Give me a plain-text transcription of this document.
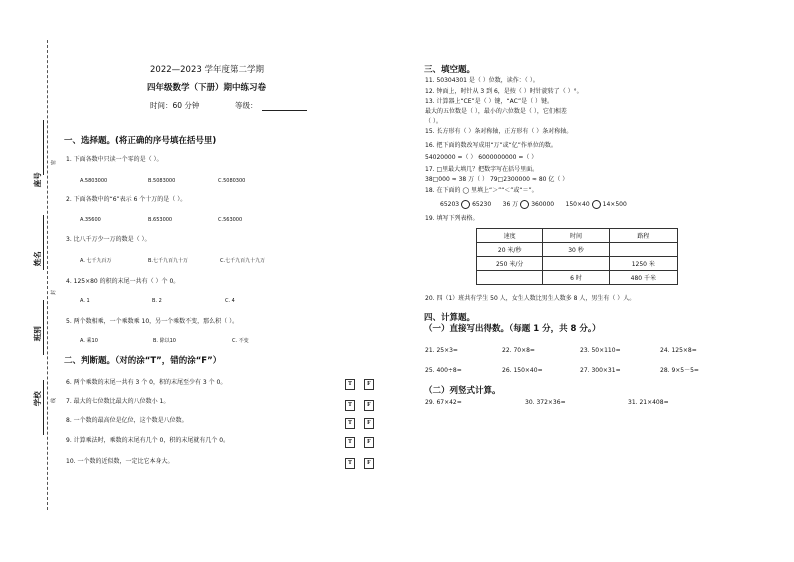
座号
姓名
班别
学校
密
封
线
2022—2023 学年度第二学期
四年级数学（下册）期中练习卷
时间：60 分钟	等级：
一、选择题。(将正确的序号填在括号里)
1. 下面各数中只读一个零的是（ ）。
A.5803000	B.5083000	C.5080300
2. 下面各数中的“6”表示 6 个十万的是（ ）。
A.35600	B.653000	C.563000
3. 比八千万少一万的数是（ ）。
A. 七千九百万	B.七千九百九十万	C.七千九百九十九万
4. 125×80 的积的末尾一共有（ ）个 0。
A. 1	B. 2	C. 4
5. 两个数相乘，一个乘数乘 10，另一个乘数不变，那么积（ ）。
A. 乘10	B. 除以10	C. 不变
二、判断题。（对的涂“T”，错的涂“F”）
6. 两个乘数的末尾一共有 3 个 0，积的末尾至少有 3 个 0。
7. 最大的七位数比最大的八位数小 1。
8. 一个数的最高位是亿位，这个数是八位数。
9. 计算乘法时，乘数的末尾有几个 0，积的末尾就有几个 0。
10. 一个数的近似数，一定比它本身大。
T	F
T	F
T	F
T	F
T	F
三、填空题。
11. 50304301 是（ ）位数，读作：（ ）。
12. 钟面上，时针从 3 到 6，是按（ ）时针旋转了（ ）°。
13. 计算器上“CE”是（ ）键，“AC”是（ ）键。
最大的五位数是（ ），最小的六位数是（ ），它们相差
（ ）。
15. 长方形有（ ）条对称轴，正方形有（ ）条对称轴。
16. 把下面的数改写成用“万”或“亿”作单位的数。
54020000 =（ ） 6000000000 =（ ）
17. □里最大填几？把数字写在括号里面。
38□000 ≈ 38 万（ ） 79□2300000 ≈ 80 亿（ ）
18. 在下面的 ◯ 里填上“＞”“＜”或“＝”。
65203 65230 36 万 360000 150×40 14×500
19. 填写下列表格。
速度	时间	路程
20 米/秒	30 秒	
250 米/分		1250 米
	6 时	480 千米
20. 四（1）班共有学生 50 人，女生人数比男生人数多 8 人，男生有（ ）人。
四、计算题。
（一）直接写出得数。（每题 1 分，共 8 分。）
21. 25×3=	22. 70×8=	23. 50×110=	24. 125×8=
25. 400÷8=	26. 150×40=	27. 300×31=	28. 9×5－5=
（二）列竖式计算。
29. 67×42=	30. 372×36=	31. 21×408=
